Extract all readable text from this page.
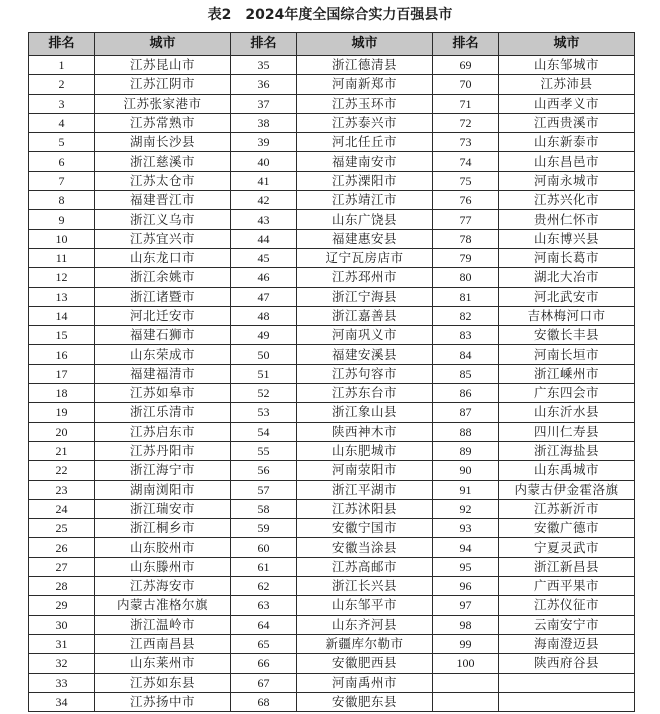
表2 2024年度全国综合实力百强县市
排名	城市	排名	城市	排名	城市
1	江苏昆山市	35	浙江德清县	69	山东邹城市
2	江苏江阴市	36	河南新郑市	70	江苏沛县
3	江苏张家港市	37	江苏玉环市	71	山西孝义市
4	江苏常熟市	38	江苏泰兴市	72	江西贵溪市
5	湖南长沙县	39	河北任丘市	73	山东新泰市
6	浙江慈溪市	40	福建南安市	74	山东昌邑市
7	江苏太仓市	41	江苏溧阳市	75	河南永城市
8	福建晋江市	42	江苏靖江市	76	江苏兴化市
9	浙江义乌市	43	山东广饶县	77	贵州仁怀市
10	江苏宜兴市	44	福建惠安县	78	山东博兴县
11	山东龙口市	45	辽宁瓦房店市	79	河南长葛市
12	浙江余姚市	46	江苏邳州市	80	湖北大冶市
13	浙江诸暨市	47	浙江宁海县	81	河北武安市
14	河北迁安市	48	浙江嘉善县	82	吉林梅河口市
15	福建石狮市	49	河南巩义市	83	安徽长丰县
16	山东荣成市	50	福建安溪县	84	河南长垣市
17	福建福清市	51	江苏句容市	85	浙江嵊州市
18	江苏如皋市	52	江苏东台市	86	广东四会市
19	浙江乐清市	53	浙江象山县	87	山东沂水县
20	江苏启东市	54	陕西神木市	88	四川仁寿县
21	江苏丹阳市	55	山东肥城市	89	浙江海盐县
22	浙江海宁市	56	河南荥阳市	90	山东禹城市
23	湖南浏阳市	57	浙江平湖市	91	内蒙古伊金霍洛旗
24	浙江瑞安市	58	江苏沭阳县	92	江苏新沂市
25	浙江桐乡市	59	安徽宁国市	93	安徽广德市
26	山东胶州市	60	安徽当涂县	94	宁夏灵武市
27	山东滕州市	61	江苏高邮市	95	浙江新昌县
28	江苏海安市	62	浙江长兴县	96	广西平果市
29	内蒙古准格尔旗	63	山东邹平市	97	江苏仪征市
30	浙江温岭市	64	山东齐河县	98	云南安宁市
31	江西南昌县	65	新疆库尔勒市	99	海南澄迈县
32	山东莱州市	66	安徽肥西县	100	陕西府谷县
33	江苏如东县	67	河南禹州市		
34	江苏扬中市	68	安徽肥东县		
